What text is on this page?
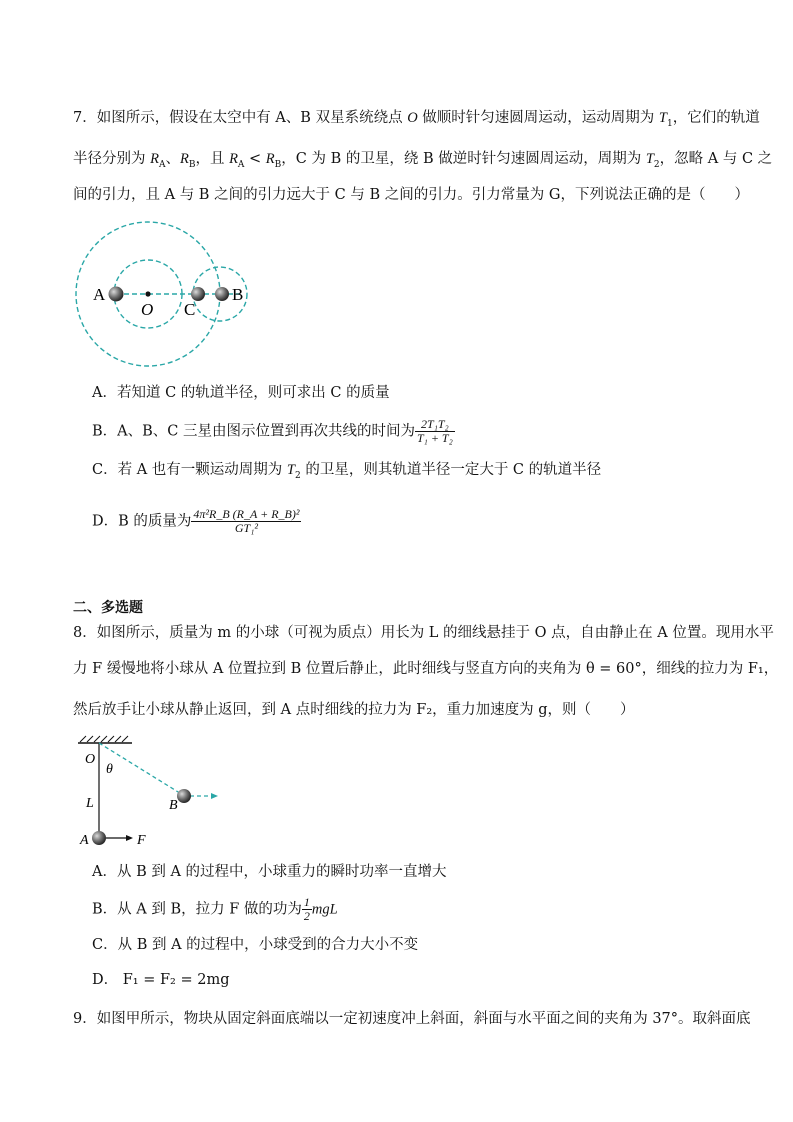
7．如图所示，假设在太空中有 A、B 双星系统绕点 O 做顺时针匀速圆周运动，运动周期为 $T_1$，它们的轨道
半径分别为 $R_A$、$R_B$，且 $R_A < R_B$，C 为 B 的卫星，绕 B 做逆时针匀速圆周运动，周期为 $T_2$，忽略 A 与 C 之
间的引力，且 A 与 B 之间的引力远大于 C 与 B 之间的引力。引力常量为 G，下列说法正确的是（　　）
A
O C
B
A．若知道 C 的轨道半径，则可求出 C 的质量
B．A、B、C 三星由图示位置到再次共线的时间为 $\frac{\text{2T₁T₂}}{\text{T₁ + T₂}}$
C．若 A 也有一颗运动周期为 $T_2$ 的卫星，则其轨道半径一定大于 C 的轨道半径
D．B 的质量为 $\frac{\text{4π²R\_B (R\_A + R\_B)²}}{\text{GT₁²}}$
二、多选题
8．如图所示，质量为 m 的小球（可视为质点）用长为 L 的细线悬挂于 O 点，自由静止在 A 位置。现用水平
力 F 缓慢地将小球从 A 位置拉到 B 位置后静止，此时细线与竖直方向的夹角为 θ = 60°，细线的拉力为 F₁，
然后放手让小球从静止返回，到 A 点时细线的拉力为 F₂，重力加速度为 g，则（　　）
O
θ
L	B
A	F
A．从 B 到 A 的过程中，小球重力的瞬时功率一直增大
B．从 A 到 B，拉力 F 做的功为 $\frac{1}{2}$ mgL
C．从 B 到 A 的过程中，小球受到的合力大小不变
D． F₁ = F₂ = 2mg
9．如图甲所示，物块从固定斜面底端以一定初速度冲上斜面，斜面与水平面之间的夹角为 37°。取斜面底
